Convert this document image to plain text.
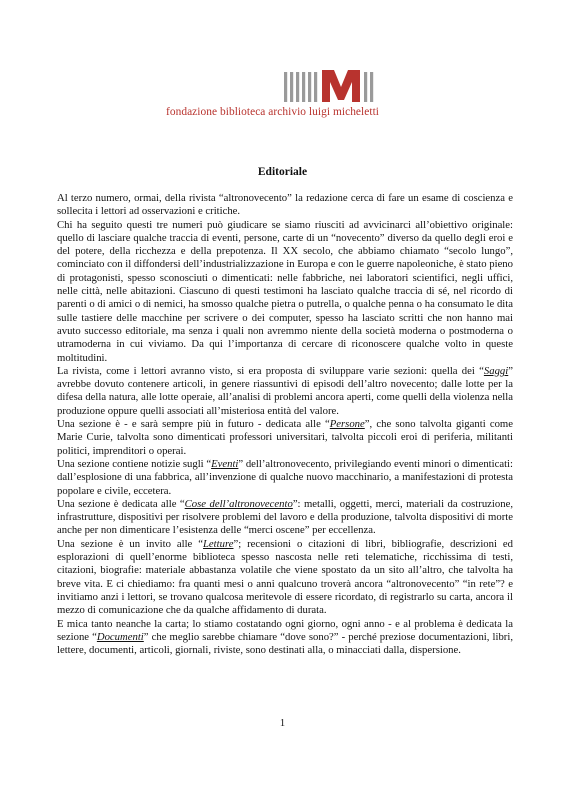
fondazione biblioteca archivio luigi micheletti
Editoriale

Al terzo numero, ormai, della rivista “altronovecento” la redazione cerca di fare un esame di coscienza e sollecita i lettori ad osservazioni e critiche.

Chi ha seguito questi tre numeri può giudicare se siamo riusciti ad avvicinarci all’obiettivo originale: quello di lasciare qualche traccia di eventi, persone, carte di un “novecento” diverso da quello degli eroi e del potere, della ricchezza e della prepotenza. Il XX secolo, che abbiamo chiamato “secolo lungo”, cominciato con il diffondersi dell’industrializzazione in Europa e con le guerre napoleoniche, è stato pieno di protagonisti, spesso sconosciuti o dimenticati: nelle fabbriche, nei laboratori scientifici, negli uffici, nelle città, nelle abitazioni. Ciascuno di questi testimoni ha lasciato qualche traccia di sé, nel ricordo di parenti o di amici o di nemici, ha smosso qualche pietra o putrella, o qualche penna o ha consumato le dita sulle tastiere delle macchine per scrivere o dei computer, spesso ha lasciato scritti che non hanno mai avuto successo editoriale, ma senza i quali non avremmo niente della società moderna o postmoderna o utramoderna in cui viviamo. Da qui l’importanza di cercare di riconoscere qualche volto in queste moltitudini.

La rivista, come i lettori avranno visto, si era proposta di sviluppare varie sezioni: quella dei “Saggi” avrebbe dovuto contenere articoli, in genere riassuntivi di episodi dell’altro novecento; dalle lotte per la difesa della natura, alle lotte operaie, all’analisi di problemi ancora aperti, come quelli della violenza nella produzione oppure quelli associati all’misteriosa entità del valore.

Una sezione è - e sarà sempre più in futuro - dedicata alle “Persone”, che sono talvolta giganti come Marie Curie, talvolta sono dimenticati professori universitari, talvolta piccoli eroi di periferia, militanti politici, imprenditori o operai.

Una sezione contiene notizie sugli “Eventi” dell’altronovecento, privilegiando eventi minori o dimenticati: dall’esplosione di una fabbrica, all’invenzione di qualche nuovo macchinario, a manifestazioni di protesta popolare e civile, eccetera.

Una sezione è dedicata alle “Cose dell’altronovecento”: metalli, oggetti, merci, materiali da costruzione, infrastrutture, dispositivi per risolvere problemi del lavoro e della produzione, talvolta dispositivi di morte anche per non dimenticare l’esistenza delle “merci oscene” per eccellenza.

Una sezione è un invito alle “Letture”; recensioni o citazioni di libri, bibliografie, descrizioni ed esplorazioni di quell’enorme biblioteca spesso nascosta nelle reti telematiche, ricchissima di testi, citazioni, biografie: materiale abbastanza volatile che viene spostato da un sito all’altro, che talvolta ha breve vita. E ci chiediamo: fra quanti mesi o anni qualcuno troverà ancora “altronovecento” “in rete”? e invitiamo anzi i lettori, se trovano qualcosa meritevole di essere ricordato, di registrarlo su carta, ancora il mezzo di comunicazione che da qualche affidamento di durata.

E mica tanto neanche la carta; lo stiamo costatando ogni giorno, ogni anno - e al problema è dedicata la sezione “Documenti” che meglio sarebbe chiamare “dove sono?” - perché preziose documentazioni, libri, lettere, documenti, articoli, giornali, riviste, sono destinati alla, o minacciati dalla, dispersione.

1
